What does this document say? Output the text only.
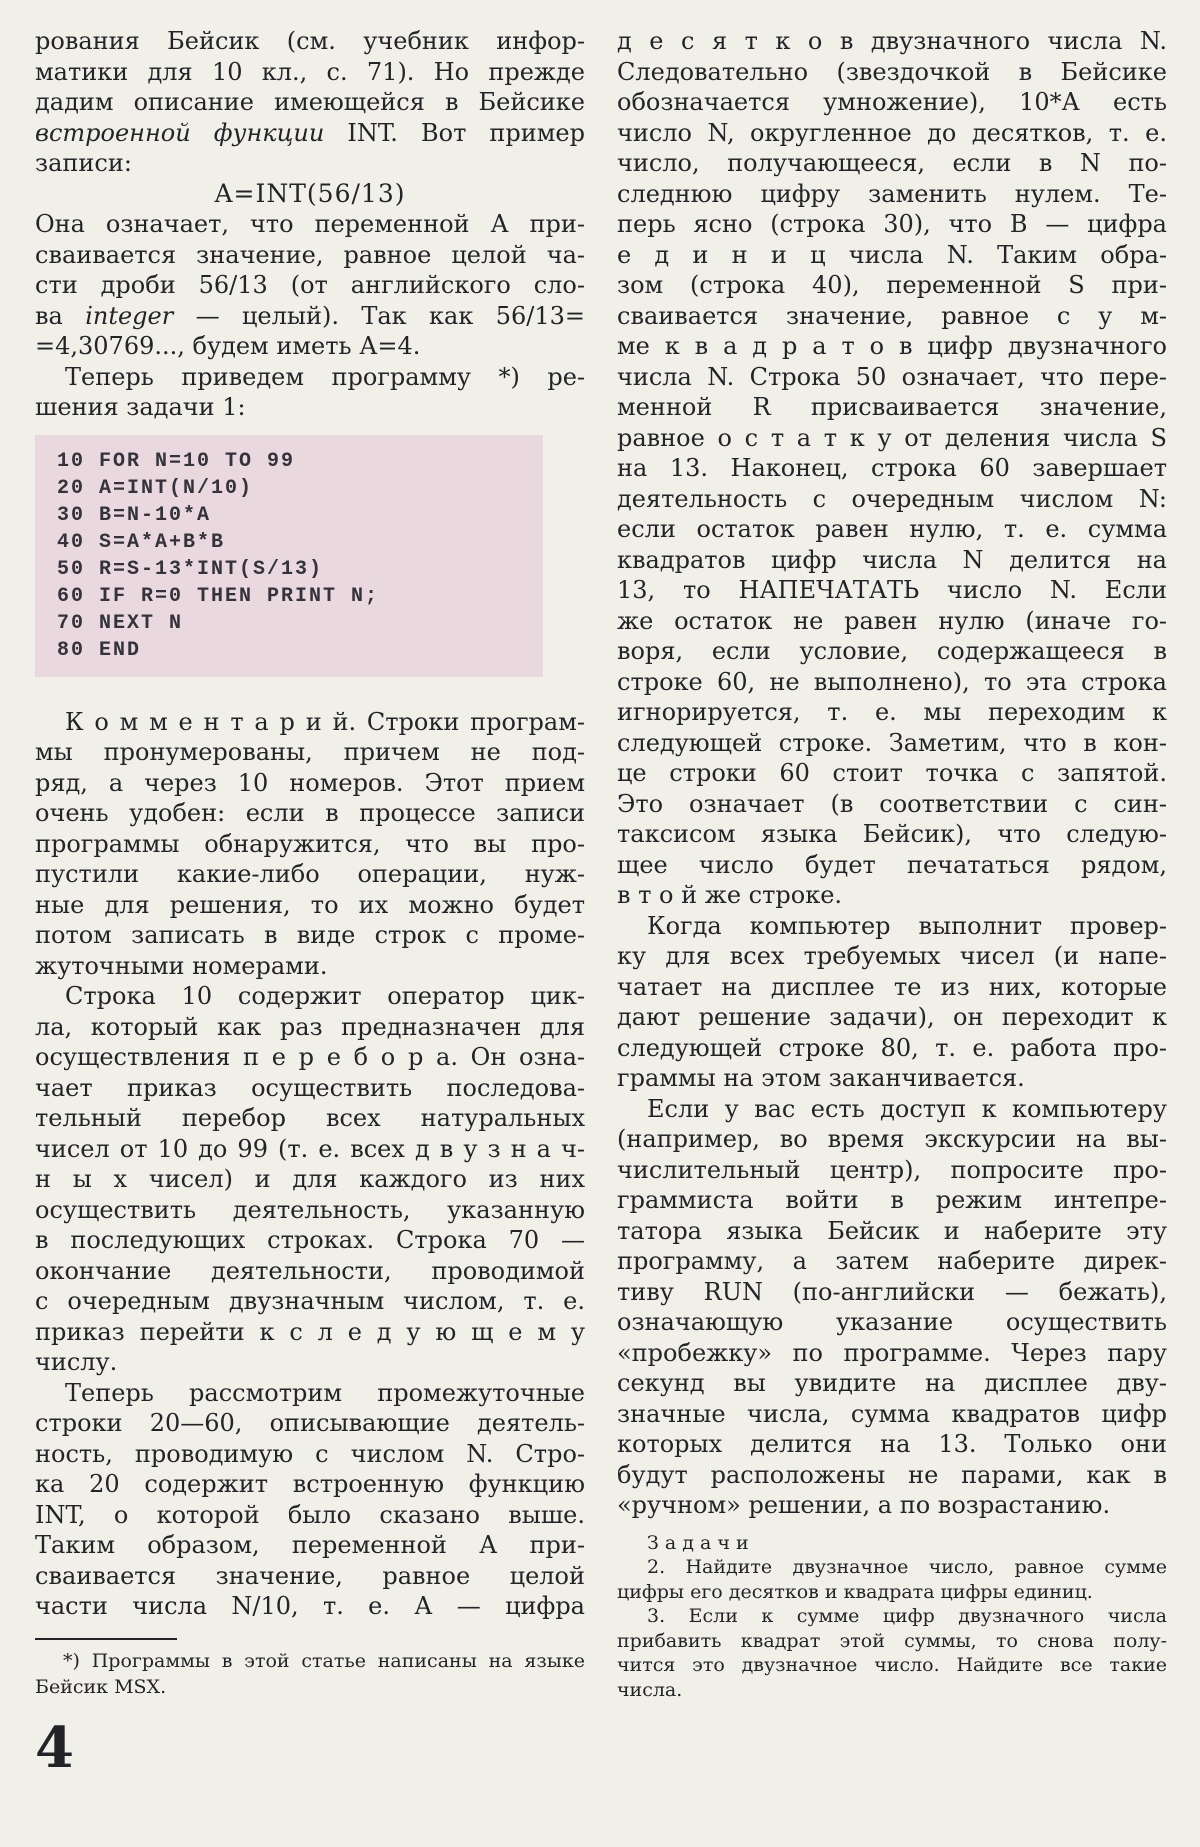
рования Бейсик (см. учебник инфор-
матики для 10 кл., с. 71). Но прежде
дадим описание имеющейся в Бейсике
встроенной функции INT. Вот пример
записи:
A=INT(56/13)
Она означает, что переменной А при-
сваивается значение, равное целой ча-
сти дроби 56/13 (от английского сло-
ва integer — целый). Так как 56/13=
=4,30769..., будем иметь А=4.
Теперь приведем программу *) ре-
шения задачи 1:
10 FOR N=10 TO 99
20 A=INT(N/10)
30 B=N-10*A
40 S=A*A+B*B
50 R=S-13*INT(S/13)
60 IF R=0 THEN PRINT N;
70 NEXT N
80 END
К о м м е н т а р и й. Строки програм-
мы пронумерованы, причем не под-
ряд, а через 10 номеров. Этот прием
очень удобен: если в процессе записи
программы обнаружится, что вы про-
пустили какие-либо операции, нуж-
ные для решения, то их можно будет
потом записать в виде строк с проме-
жуточными номерами.
Строка 10 содержит оператор цик-
ла, который как раз предназначен для
осуществления п е р е б о р а. Он озна-
чает приказ осуществить последова-
тельный перебор всех натуральных
чисел от 10 до 99 (т. е. всех д в у з н а ч-
н ы х чисел) и для каждого из них
осуществить деятельность, указанную
в последующих строках. Строка 70 —
окончание деятельности, проводимой
с очередным двузначным числом, т. е.
приказ перейти к с л е д у ю щ е м у
числу.
Теперь рассмотрим промежуточные
строки 20—60, описывающие деятель-
ность, проводимую с числом N. Стро-
ка 20 содержит встроенную функцию
INT, о которой было сказано выше.
Таким образом, переменной А при-
сваивается значение, равное целой
части числа N/10, т. е. А — цифра
*) Программы в этой статье написаны на языке
Бейсик MSX.
д е с я т к о в двузначного числа N.
Следовательно (звездочкой в Бейсике
обозначается умножение), 10*А есть
число N, округленное до десятков, т. е.
число, получающееся, если в N по-
следнюю цифру заменить нулем. Те-
перь ясно (строка 30), что В — цифра
е д и н и ц числа N. Таким обра-
зом (строка 40), переменной S при-
сваивается значение, равное с у м-
ме к в а д р а т о в цифр двузначного
числа N. Строка 50 означает, что пере-
менной R присваивается значение,
равное о с т а т к у от деления числа S
на 13. Наконец, строка 60 завершает
деятельность с очередным числом N:
если остаток равен нулю, т. е. сумма
квадратов цифр числа N делится на
13, то НАПЕЧАТАТЬ число N. Если
же остаток не равен нулю (иначе го-
воря, если условие, содержащееся в
строке 60, не выполнено), то эта строка
игнорируется, т. е. мы переходим к
следующей строке. Заметим, что в кон-
це строки 60 стоит точка с запятой.
Это означает (в соответствии с син-
таксисом языка Бейсик), что следую-
щее число будет печататься рядом,
в т о й же строке.
Когда компьютер выполнит провер-
ку для всех требуемых чисел (и напе-
чатает на дисплее те из них, которые
дают решение задачи), он переходит к
следующей строке 80, т. е. работа про-
граммы на этом заканчивается.
Если у вас есть доступ к компьютеру
(например, во время экскурсии на вы-
числительный центр), попросите про-
граммиста войти в режим интепре-
татора языка Бейсик и наберите эту
программу, а затем наберите дирек-
тиву RUN (по-английски — бежать),
означающую указание осуществить
«пробежку» по программе. Через пару
секунд вы увидите на дисплее дву-
значные числа, сумма квадратов цифр
которых делится на 13. Только они
будут расположены не парами, как в
«ручном» решении, а по возрастанию.
З а д а ч и
2. Найдите двузначное число, равное сумме
цифры его десятков и квадрата цифры единиц.
3. Если к сумме цифр двузначного числа
прибавить квадрат этой суммы, то снова полу-
чится это двузначное число. Найдите все такие
числа.
4
